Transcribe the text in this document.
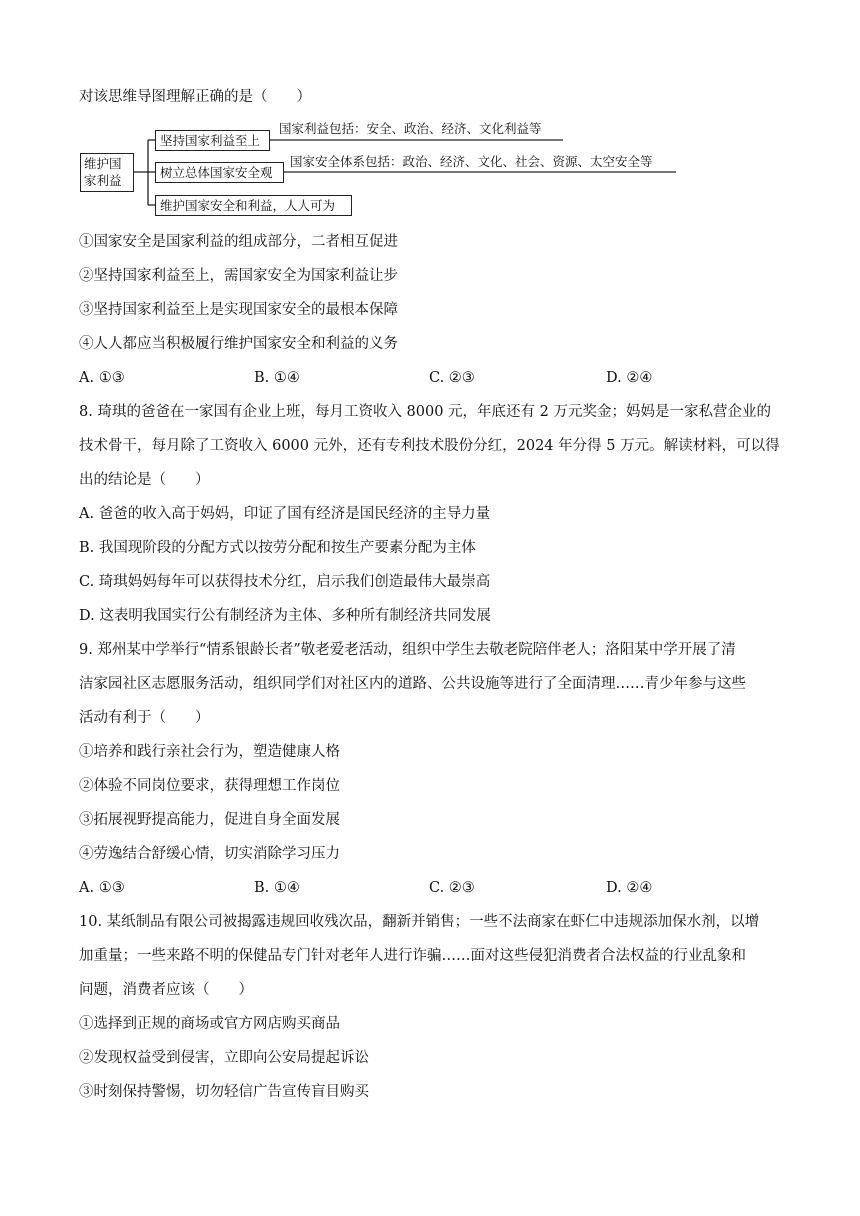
对该思维导图理解正确的是（　　）
维护国
家利益
坚持国家利益至上
国家利益包括：安全、政治、经济、文化利益等
树立总体国家安全观
国家安全体系包括：政治、经济、文化、社会、资源、太空安全等
维护国家安全和利益，人人可为
①国家安全是国家利益的组成部分，二者相互促进
②坚持国家利益至上，需国家安全为国家利益让步
③坚持国家利益至上是实现国家安全的最根本保障
④人人都应当积极履行维护国家安全和利益的义务
A. ①③	B. ①④	C. ②③	D. ②④
8. 琦琪的爸爸在一家国有企业上班，每月工资收入 8000 元，年底还有 2 万元奖金；妈妈是一家私营企业的
技术骨干，每月除了工资收入 6000 元外，还有专利技术股份分红，2024 年分得 5 万元。解读材料，可以得
出的结论是（　　）
A. 爸爸的收入高于妈妈，印证了国有经济是国民经济的主导力量
B. 我国现阶段的分配方式以按劳分配和按生产要素分配为主体
C. 琦琪妈妈每年可以获得技术分红，启示我们创造最伟大最崇高
D. 这表明我国实行公有制经济为主体、多种所有制经济共同发展
9. 郑州某中学举行“情系银龄长者”敬老爱老活动，组织中学生去敬老院陪伴老人；洛阳某中学开展了清
洁家园社区志愿服务活动，组织同学们对社区内的道路、公共设施等进行了全面清理……青少年参与这些
活动有利于（　　）
①培养和践行亲社会行为，塑造健康人格
②体验不同岗位要求，获得理想工作岗位
③拓展视野提高能力，促进自身全面发展
④劳逸结合舒缓心情，切实消除学习压力
A. ①③	B. ①④	C. ②③	D. ②④
10. 某纸制品有限公司被揭露违规回收残次品，翻新并销售；一些不法商家在虾仁中违规添加保水剂，以增
加重量；一些来路不明的保健品专门针对老年人进行诈骗……面对这些侵犯消费者合法权益的行业乱象和
问题，消费者应该（　　）
①选择到正规的商场或官方网店购买商品
②发现权益受到侵害，立即向公安局提起诉讼
③时刻保持警惕，切勿轻信广告宣传盲目购买
